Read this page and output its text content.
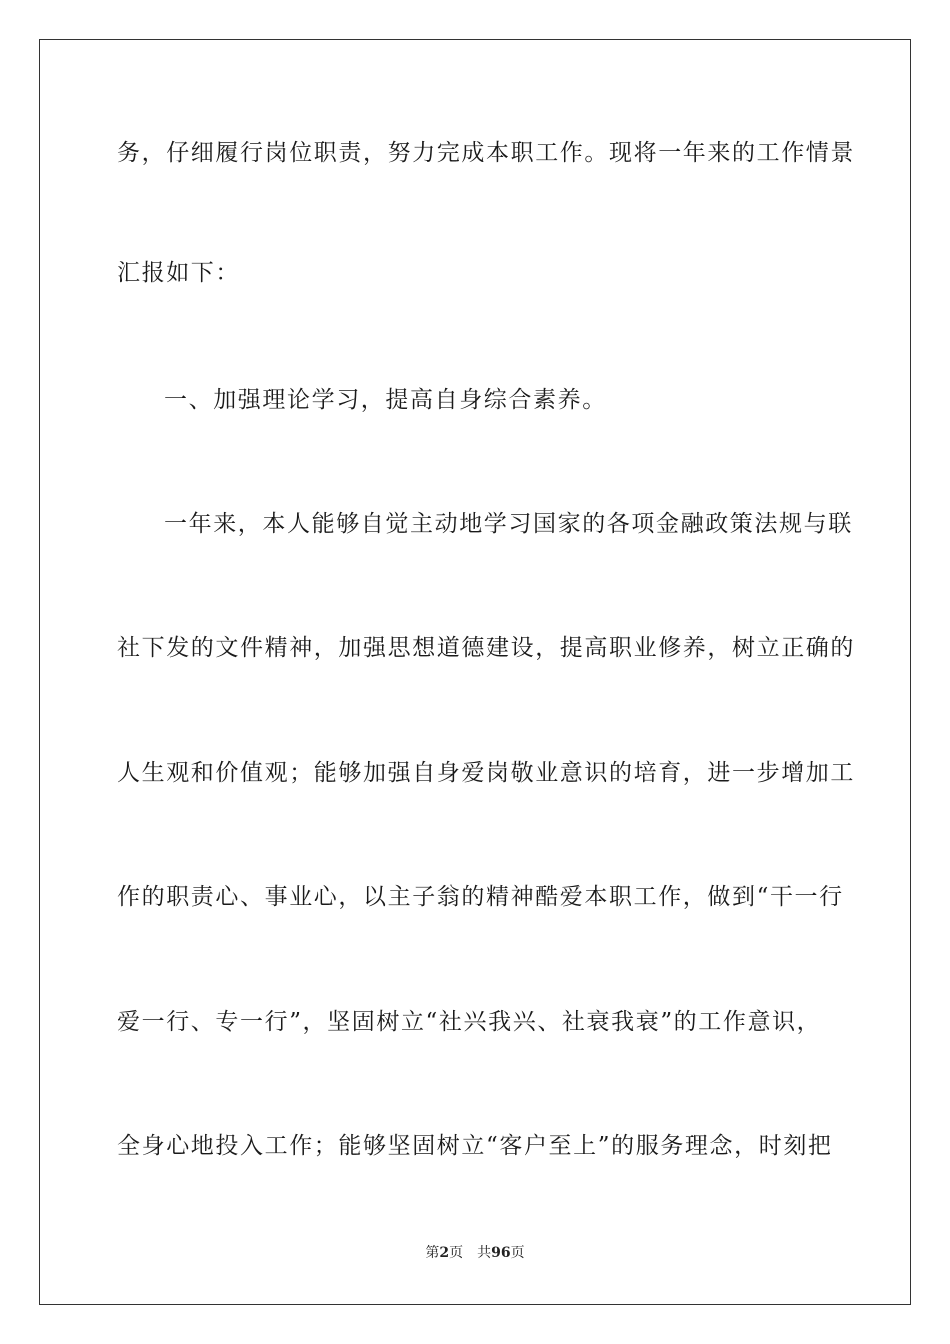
务，仔细履行岗位职责，努力完成本职工作。现将一年来的工作情景
汇报如下：
一、加强理论学习，提高自身综合素养。
一年来，本人能够自觉主动地学习国家的各项金融政策法规与联
社下发的文件精神，加强思想道德建设，提高职业修养，树立正确的
人生观和价值观；能够加强自身爱岗敬业意识的培育，进一步增加工
作的职责心、事业心，以主子翁的精神酷爱本职工作，做到“干一行
爱一行、专一行”，坚固树立“社兴我兴、社衰我衰”的工作意识，
全身心地投入工作；能够坚固树立“客户至上”的服务理念，时刻把
第2页 共96页
